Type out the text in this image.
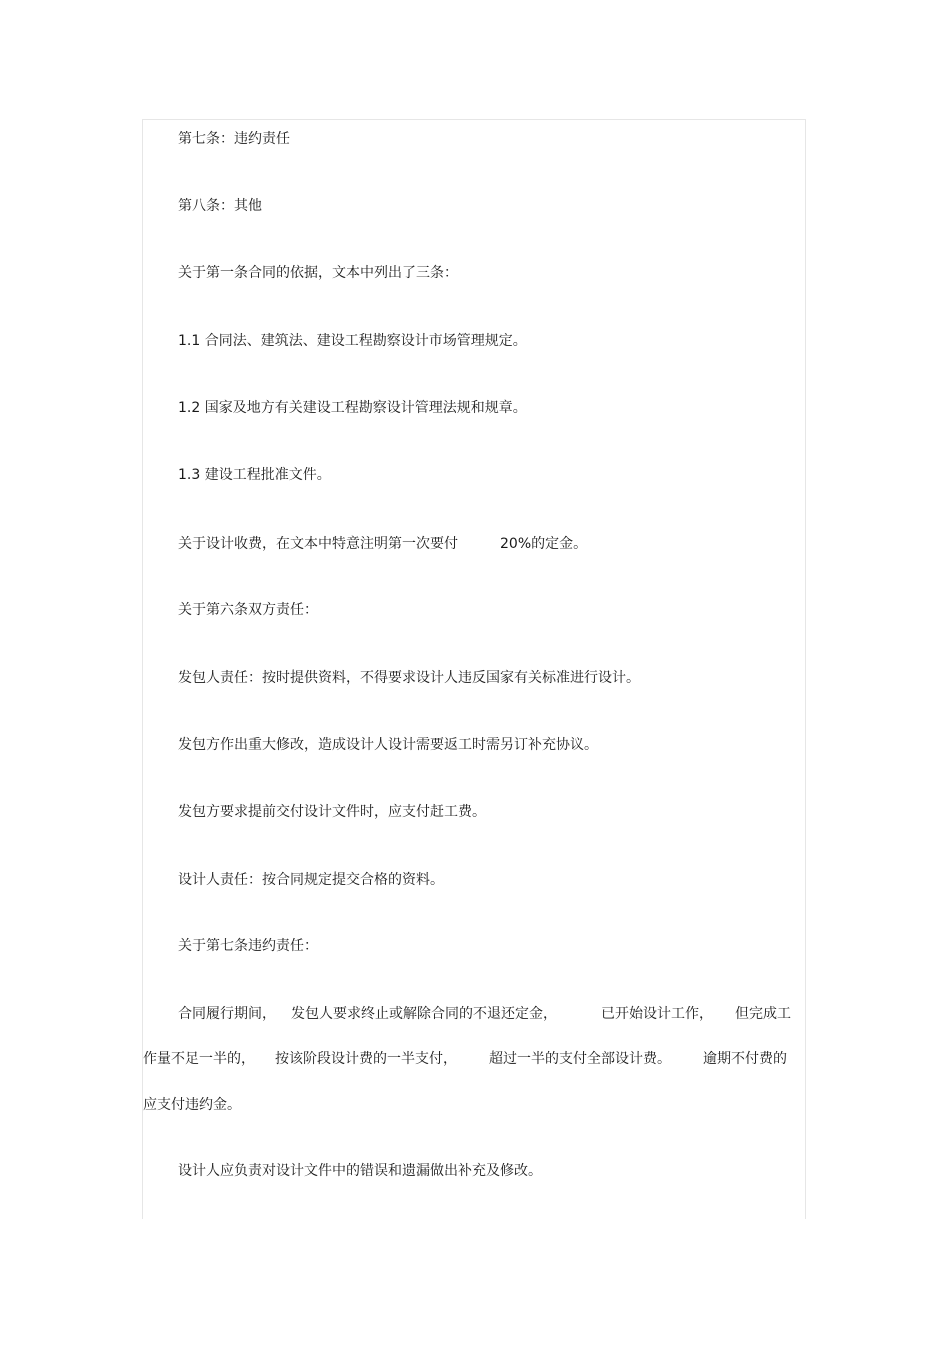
第七条：违约责任

第八条：其他

关于第一条合同的依据，文本中列出了三条：

1.1 合同法、建筑法、建设工程勘察设计市场管理规定。

1.2 国家及地方有关建设工程勘察设计管理法规和规章。

1.3 建设工程批准文件。

关于设计收费，在文本中特意注明第一次要付	20%的定金。

关于第六条双方责任：

发包人责任：按时提供资料，不得要求设计人违反国家有关标准进行设计。

发包方作出重大修改，造成设计人设计需要返工时需另订补充协议。

发包方要求提前交付设计文件时，应支付赶工费。

设计人责任：按合同规定提交合格的资料。

关于第七条违约责任：

合同履行期间， 发包人要求终止或解除合同的不退还定金，	已开始设计工作， 但完成工

作量不足一半的， 按该阶段设计费的一半支付， 超过一半的支付全部设计费。 逾期不付费的

应支付违约金。

设计人应负责对设计文件中的错误和遗漏做出补充及修改。
